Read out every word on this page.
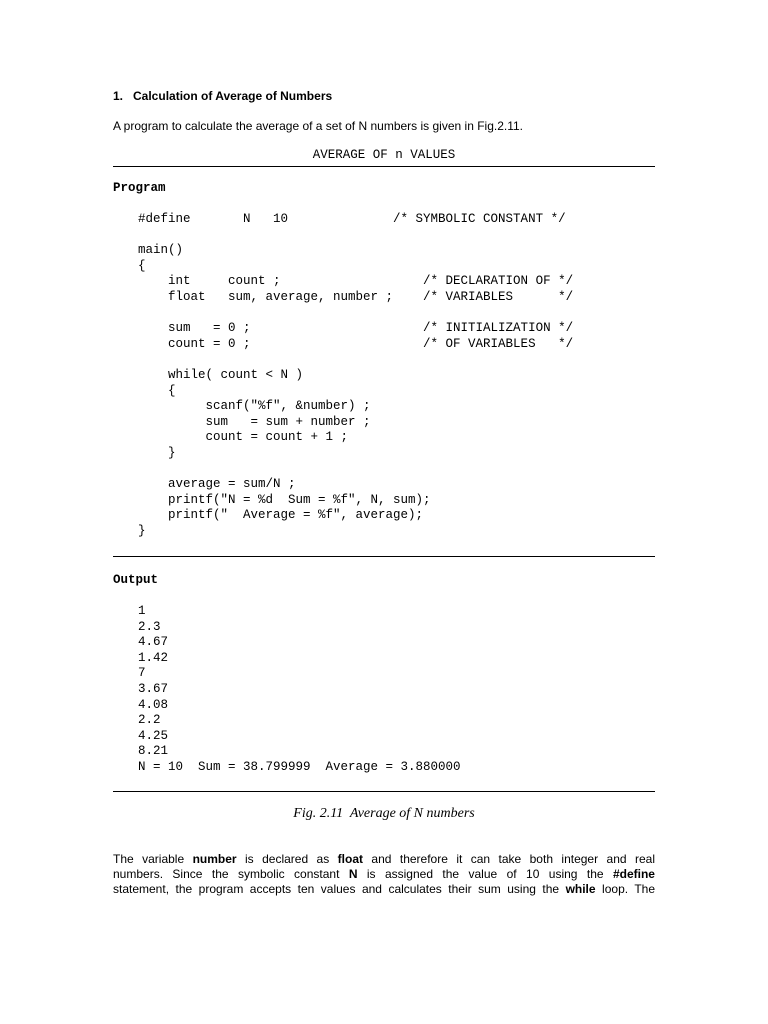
1.   Calculation of Average of Numbers
A program to calculate the average of a set of N numbers is given in Fig.2.11.
AVERAGE OF n VALUES
Program
#define       N   10              /* SYMBOLIC CONSTANT */

main()
{
int     count ;                   /* DECLARATION OF */
float   sum, average, number ;    /* VARIABLES      */

sum   = 0 ;                       /* INITIALIZATION */
count = 0 ;                       /* OF VARIABLES   */

while( count < N )
{
scanf("%f", &number) ;
sum   = sum + number ;
count = count + 1 ;
}

average = sum/N ;
printf("N = %d  Sum = %f", N, sum);
printf("  Average = %f", average);
}
Output
1
2.3
4.67
1.42
7
3.67
4.08
2.2
4.25
8.21
N = 10  Sum = 38.799999  Average = 3.880000
Fig. 2.11  Average of N numbers
The variable number is declared as float and therefore it can take both integer and real
numbers. Since the symbolic constant N is assigned the value of 10 using the #define
statement, the program accepts ten values and calculates their sum using the while loop. The
